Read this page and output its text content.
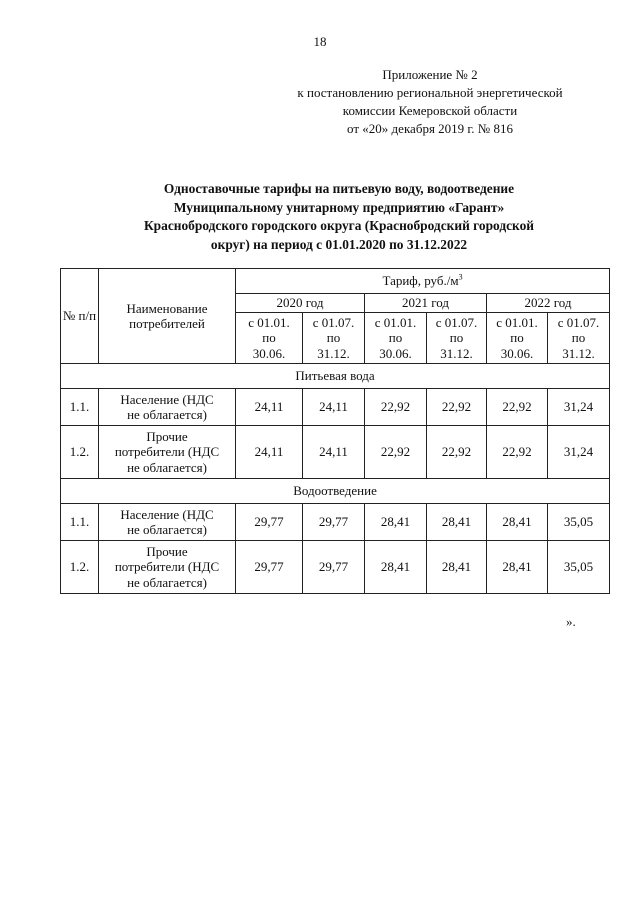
18
Приложение № 2
к постановлению региональной энергетической
комиссии Кемеровской области
от «20» декабря 2019 г. № 816
Одноставочные тарифы на питьевую воду, водоотведение
Муниципальному унитарному предприятию «Гарант»
Краснобродского городского округа (Краснобродский городской
округ) на период с 01.01.2020 по 31.12.2022
№ п/п	Наименование потребителей	Тариф, $руб./м^3$
		2020 год		2021 год		2022 год	

		с 01.01.
по
30.06.	с 01.07.
по
31.12.	с 01.01.
по
30.06.	с 01.07.
по
31.12.	с 01.01.
по
30.06.	с 01.07.
по
31.12.

Питьевая вода							
1.1.	Население (НДС
не облагается)	24,11	24,11	22,92	22,92	22,92	31,24
1.2.	Прочие
потребители (НДС
не облагается)	24,11	24,11	22,92	22,92	22,92	31,24
Водоотведение							
1.1.	Население (НДС
не облагается)	29,77	29,77	28,41	28,41	28,41	35,05
1.2.	Прочие
потребители (НДС
не облагается)	29,77	29,77	28,41	28,41	28,41	35,05
».
